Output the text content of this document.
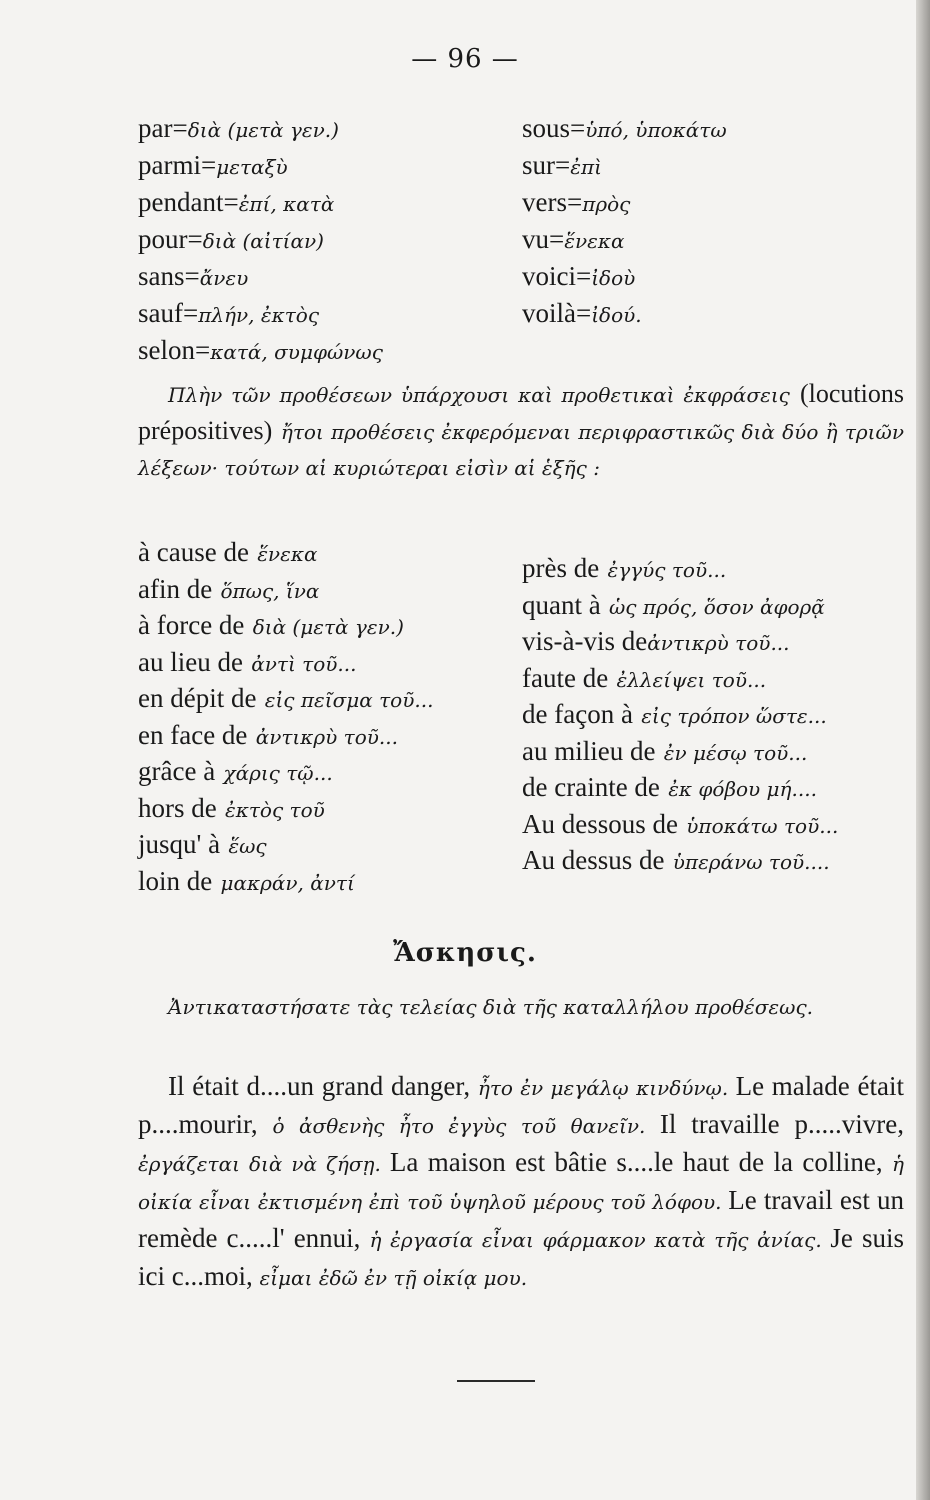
— 96 —
par=διὰ (μετὰ γεν.)
parmi=μεταξὺ
pendant=ἐπί, κατὰ
pour=διὰ (αἰτίαν)
sans=ἄνευ
sauf=πλήν, ἐκτὸς
selon=κατά, συμφώνως
sous=ὑπό, ὑποκάτω
sur=ἐπὶ
vers=πρὸς
vu=ἕνεκα
voici=ἰδοὺ
voilà=ἰδού.
Πλὴν τῶν προθέσεων ὑπάρχουσι καὶ προθετικαὶ ἐκφράσεις (locutions prépositives) ἤτοι προθέσεις ἐκφερόμεναι περιφραστικῶς διὰ δύο ἢ τριῶν λέξεων· τούτων αἱ κυριώτεραι εἰσὶν αἱ ἑξῆς :
à cause de ἕνεκα
afin de ὅπως, ἵνα
à force de διὰ (μετὰ γεν.)
au lieu de ἀντὶ τοῦ...
en dépit de εἰς πεῖσμα τοῦ...
en face de ἀντικρὺ τοῦ...
grâce à χάρις τῷ...
hors de ἐκτὸς τοῦ
jusqu' à ἕως
loin de μακράν, ἀντί
près de ἐγγύς τοῦ...
quant à ὡς πρός, ὅσον ἀφορᾷ
vis-à-vis deἀντικρὺ τοῦ...
faute de ἐλλείψει τοῦ...
de façon à εἰς τρόπον ὥστε...
au milieu de ἐν μέσῳ τοῦ...
de crainte de ἐκ φόβου μή....
Au dessous de ὑποκάτω τοῦ...
Au dessus de ὑπεράνω τοῦ....
Ἄσκησις.
Ἀντικαταστήσατε τὰς τελείας διὰ τῆς καταλλήλου προθέσεως.
Il était d....un grand danger, ἦτο ἐν μεγάλῳ κινδύνῳ. Le malade était p....mourir, ὁ ἀσθενὴς ἦτο ἐγγὺς τοῦ θανεῖν. Il travaille p.....vivre, ἐργάζεται διὰ νὰ ζήσῃ. La maison est bâtie s....le haut de la colline, ἡ οἰκία εἶναι ἐκτισμένη ἐπὶ τοῦ ὑψηλοῦ μέρους τοῦ λόφου. Le travail est un remède c.....l' ennui, ἡ ἐργασία εἶναι φάρμακον κατὰ τῆς ἀνίας. Je suis ici c...moi, εἶμαι ἐδῶ ἐν τῇ οἰκίᾳ μου.
